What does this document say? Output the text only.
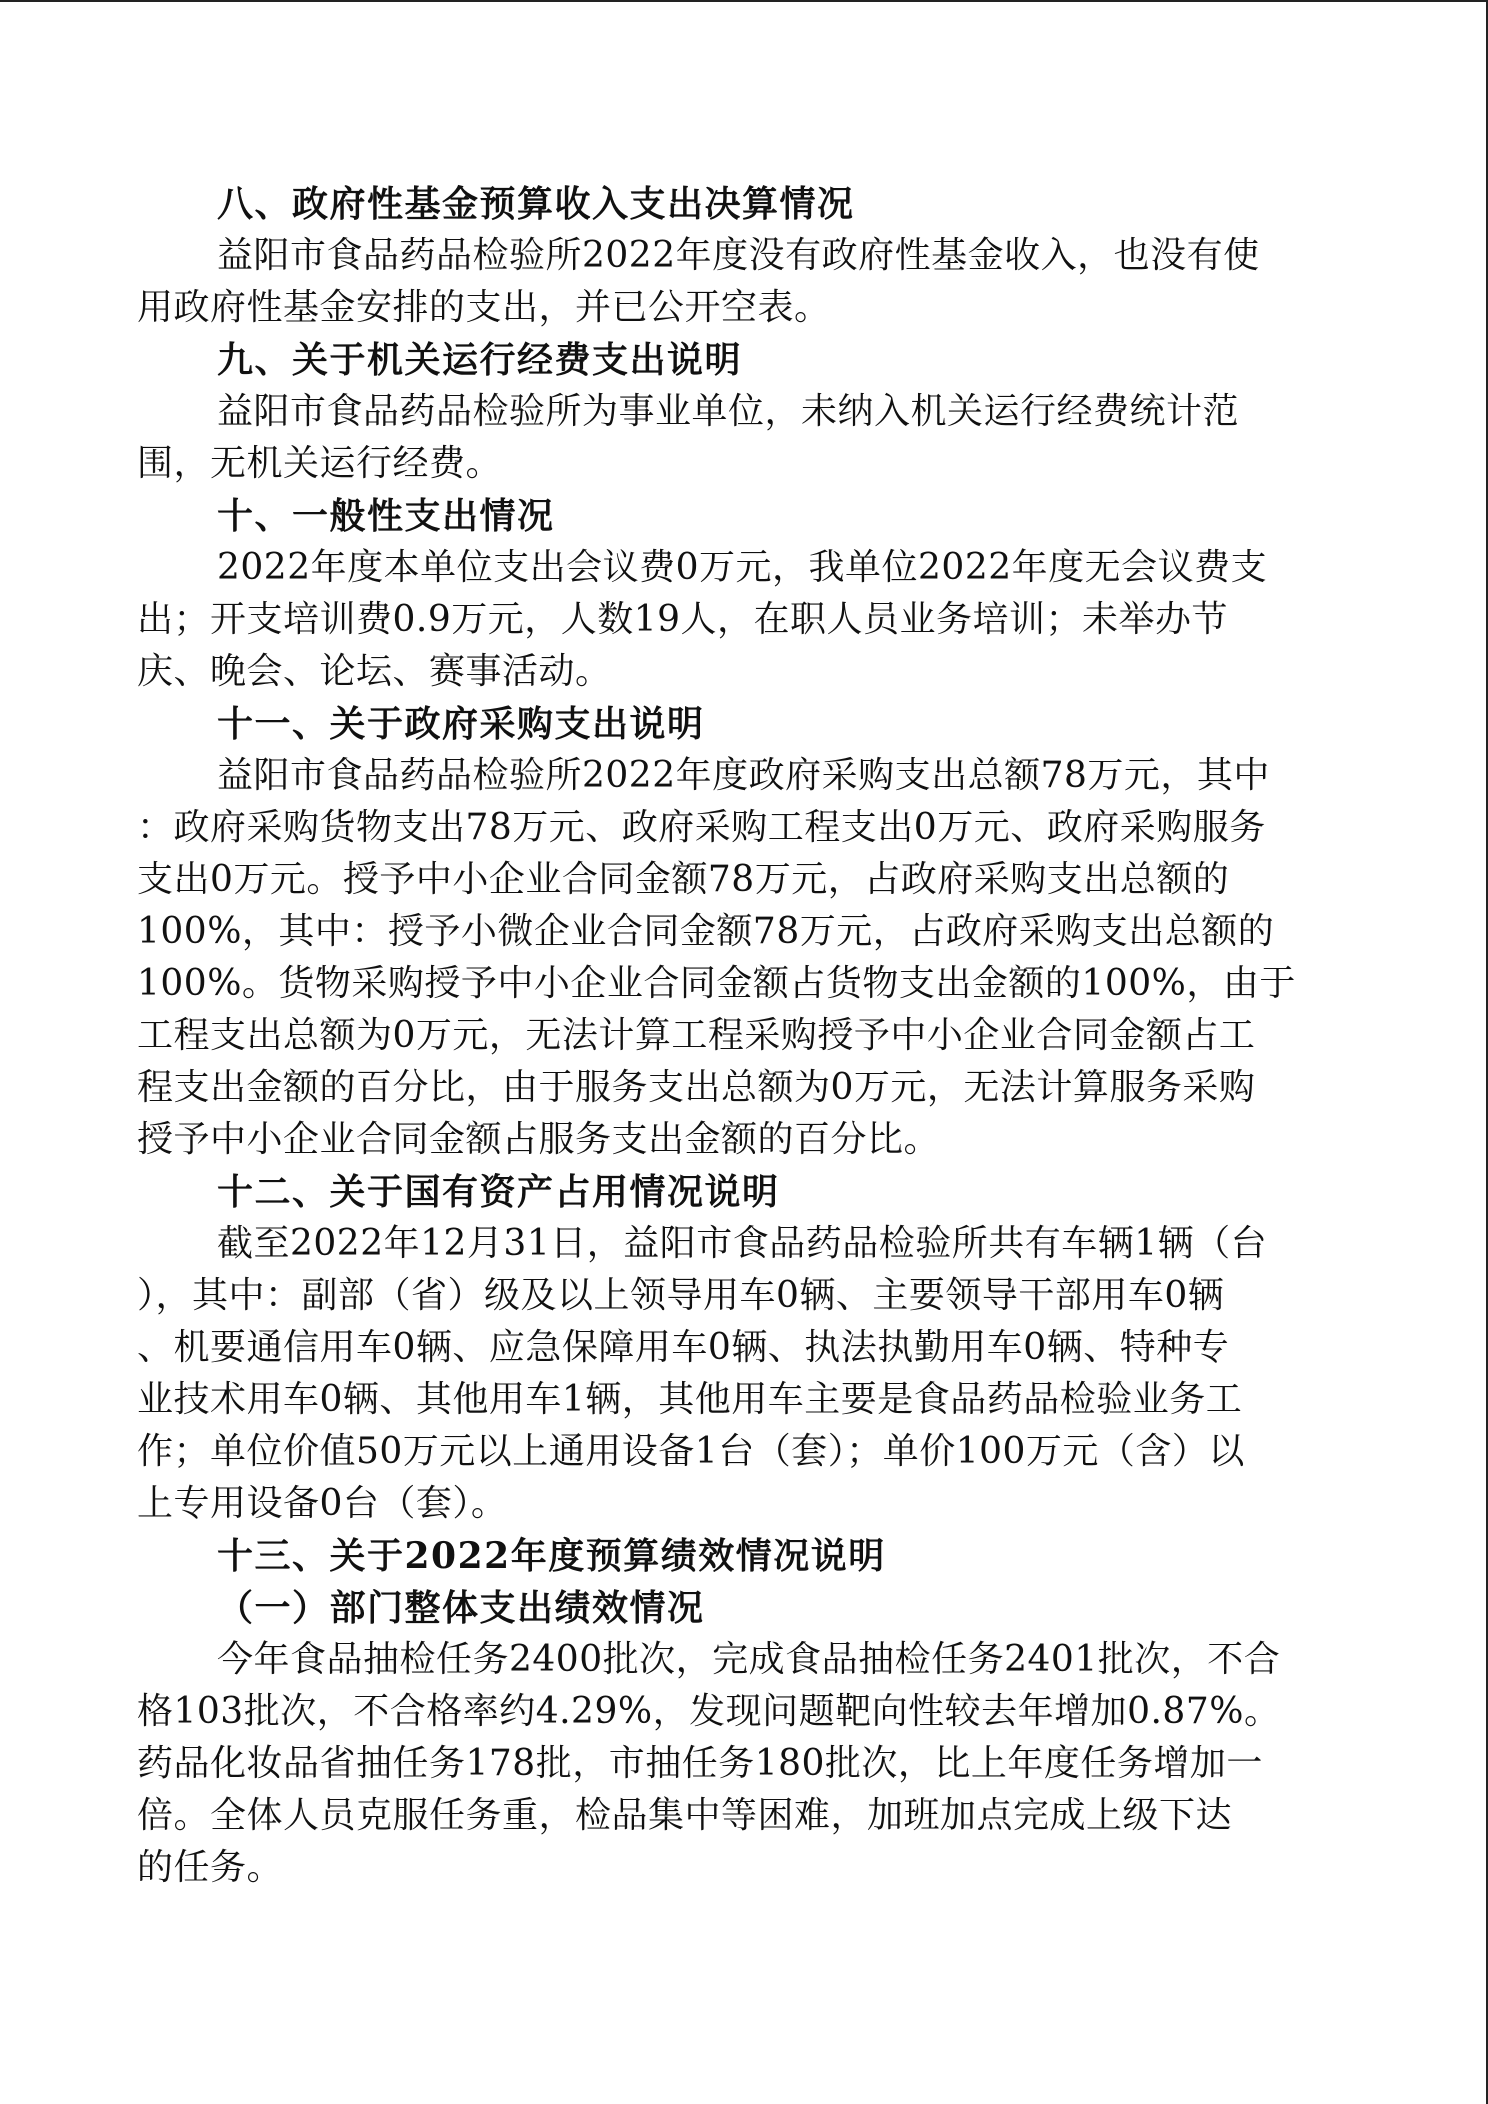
八、政府性基金预算收入支出决算情况
益阳市食品药品检验所2022年度没有政府性基金收入，也没有使
用政府性基金安排的支出，并已公开空表。
九、关于机关运行经费支出说明
益阳市食品药品检验所为事业单位，未纳入机关运行经费统计范
围，无机关运行经费。
十、一般性支出情况
2022年度本单位支出会议费0万元，我单位2022年度无会议费支
出；开支培训费0.9万元，人数19人，在职人员业务培训；未举办节
庆、晚会、论坛、赛事活动。
十一、关于政府采购支出说明
益阳市食品药品检验所2022年度政府采购支出总额78万元，其中
：政府采购货物支出78万元、政府采购工程支出0万元、政府采购服务
支出0万元。授予中小企业合同金额78万元，占政府采购支出总额的
100%，其中：授予小微企业合同金额78万元，占政府采购支出总额的
100%。货物采购授予中小企业合同金额占货物支出金额的100%，由于
工程支出总额为0万元，无法计算工程采购授予中小企业合同金额占工
程支出金额的百分比，由于服务支出总额为0万元，无法计算服务采购
授予中小企业合同金额占服务支出金额的百分比。
十二、关于国有资产占用情况说明
截至2022年12月31日，益阳市食品药品检验所共有车辆1辆（台
），其中：副部（省）级及以上领导用车0辆、主要领导干部用车0辆
、机要通信用车0辆、应急保障用车0辆、执法执勤用车0辆、特种专
业技术用车0辆、其他用车1辆，其他用车主要是食品药品检验业务工
作；单位价值50万元以上通用设备1台（套）；单价100万元（含）以
上专用设备0台（套）。
十三、关于2022年度预算绩效情况说明
（一）部门整体支出绩效情况
今年食品抽检任务2400批次，完成食品抽检任务2401批次，不合
格103批次，不合格率约4.29%，发现问题靶向性较去年增加0.87%。
药品化妆品省抽任务178批，市抽任务180批次，比上年度任务增加一
倍。全体人员克服任务重，检品集中等困难，加班加点完成上级下达
的任务。
